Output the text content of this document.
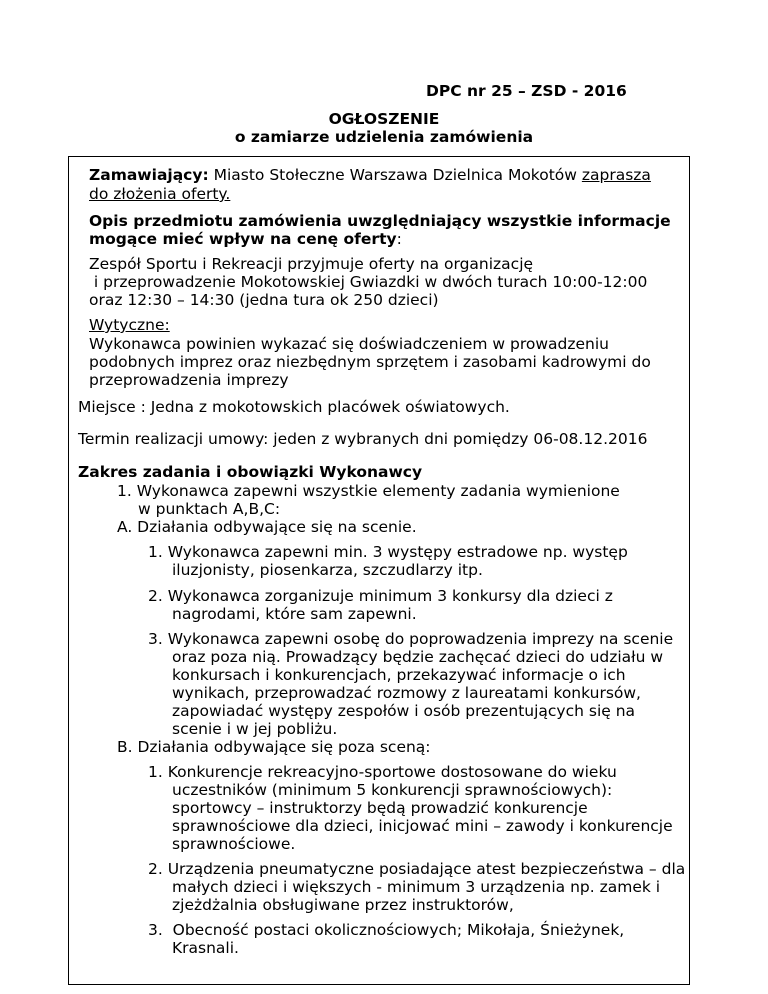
DPC nr 25 – ZSD - 2016
OGŁOSZENIE
o zamiarze udzielenia zamówienia
Zamawiający: Miasto Stołeczne Warszawa Dzielnica Mokotów zaprasza
do złożenia oferty.
Opis przedmiotu zamówienia uwzględniający wszystkie informacje
mogące mieć wpływ na cenę oferty:
Zespół Sportu i Rekreacji przyjmuje oferty na organizację
i przeprowadzenie Mokotowskiej Gwiazdki w dwóch turach 10:00-12:00
oraz 12:30 – 14:30 (jedna tura ok 250 dzieci)
Wytyczne:
Wykonawca powinien wykazać się doświadczeniem w prowadzeniu
podobnych imprez oraz niezbędnym sprzętem i zasobami kadrowymi do
przeprowadzenia imprezy
Miejsce : Jedna z mokotowskich placówek oświatowych.
Termin realizacji umowy: jeden z wybranych dni pomiędzy 06-08.12.2016
Zakres zadania i obowiązki Wykonawcy
1. Wykonawca zapewni wszystkie elementy zadania wymienione
w punktach A,B,C:
A. Działania odbywające się na scenie.
1. Wykonawca zapewni min. 3 występy estradowe np. występ
iluzjonisty, piosenkarza, szczudlarzy itp.
2. Wykonawca zorganizuje minimum 3 konkursy dla dzieci z
nagrodami, które sam zapewni.
3. Wykonawca zapewni osobę do poprowadzenia imprezy na scenie
oraz poza nią. Prowadzący będzie zachęcać dzieci do udziału w
konkursach i konkurencjach, przekazywać informacje o ich
wynikach, przeprowadzać rozmowy z laureatami konkursów,
zapowiadać występy zespołów i osób prezentujących się na
scenie i w jej pobliżu.
B. Działania odbywające się poza sceną:
1. Konkurencje rekreacyjno-sportowe dostosowane do wieku
uczestników (minimum 5 konkurencji sprawnościowych):
sportowcy – instruktorzy będą prowadzić konkurencje
sprawnościowe dla dzieci, inicjować mini – zawody i konkurencje
sprawnościowe.
2. Urządzenia pneumatyczne posiadające atest bezpieczeństwa – dla
małych dzieci i większych - minimum 3 urządzenia np. zamek i
zjeżdżalnia obsługiwane przez instruktorów,
3.  Obecność postaci okolicznościowych; Mikołaja, Śnieżynek,
Krasnali.
